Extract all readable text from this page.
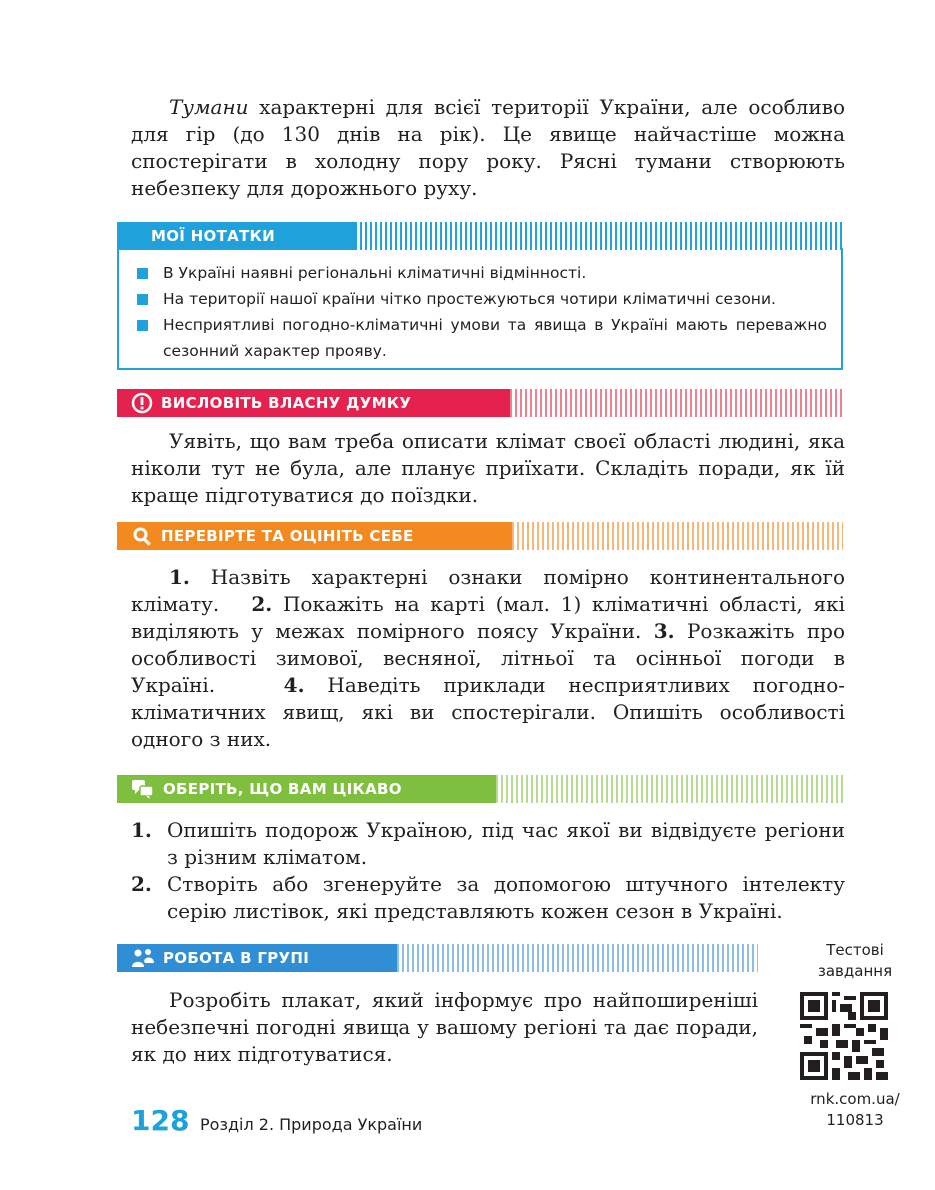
Тумани характерні для всієї території України, але особливо для гір (до 130 днів на рік). Це явище найчастіше можна спостерігати в холодну пору року. Рясні тумани створюють небезпеку для дорожнього руху.

МОЇ НОТАТКИ
В Україні наявні регіональні кліматичні відмінності.
На території нашої країни чітко простежуються чотири кліматичні сезони.
Несприятливі погодно-кліматичні умови та явища в Україні мають переважно сезонний характер прояву.
ВИСЛОВІТЬ ВЛАСНУ ДУМКУ

Уявіть, що вам треба описати клімат своєї області людині, яка ніколи тут не була, але планує приїхати. Складіть поради, як їй краще підготуватися до поїздки.

ПЕРЕВІРТЕ ТА ОЦІНІТЬ СЕБЕ

1. Назвіть характерні ознаки помірно континентального клімату. 2. Покажіть на карті (мал. 1) кліматичні області, які виділяють у межах помірного поясу України. 3. Розкажіть про особливості зимової, весняної, літньої та осінньої погоди в Україні.	4. Наведіть приклади несприятливих погодно-кліматичних явищ, які ви спостерігали. Опишіть особливості одного з них.

ОБЕРІТЬ, ЩО ВАМ ЦІКАВО
1. Опишіть подорож Україною, під час якої ви відвідуєте регіони з різним кліматом.
2. Створіть або згенеруйте за допомогою штучного інтелекту серію листівок, які представляють кожен сезон в Україні.
РОБОТА В ГРУПІ

Розробіть плакат, який інформує про найпоширеніші небезпечні погодні явища у вашому регіоні та дає поради, як до них підготуватися.

Тестові
завдання
rnk.com.ua/
110813
128 Розділ 2. Природа України
